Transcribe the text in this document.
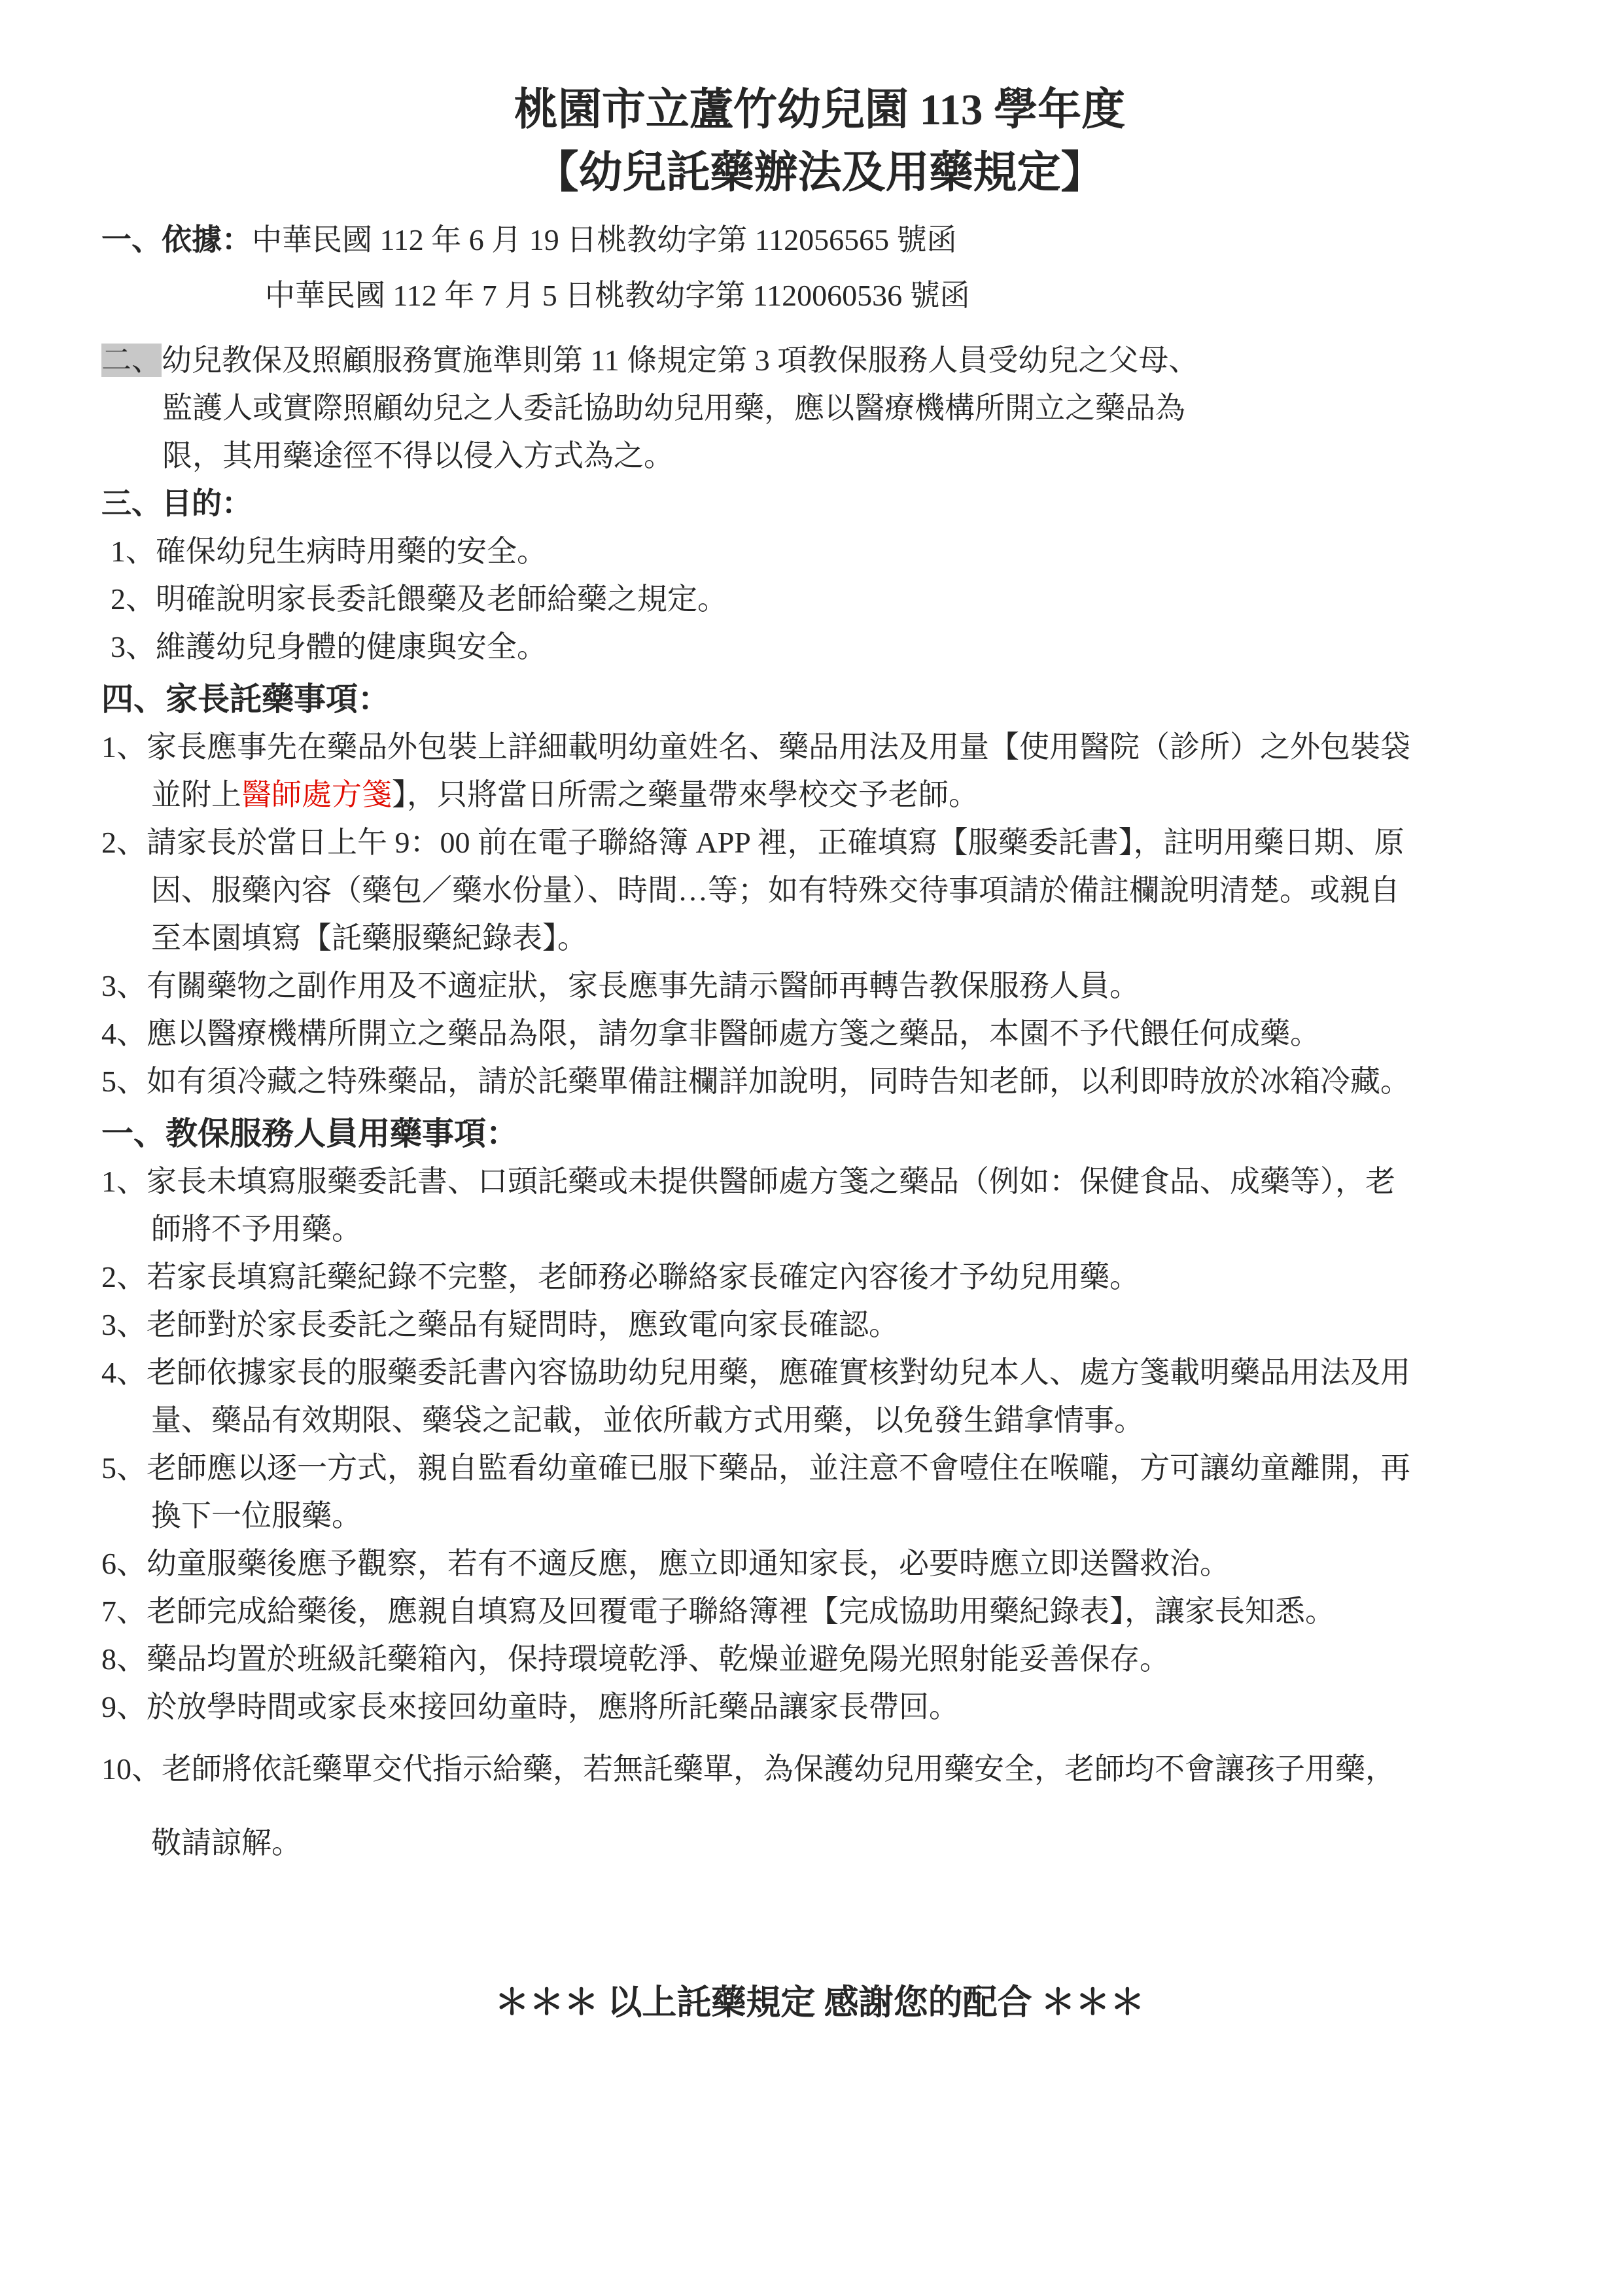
桃園市立蘆竹幼兒園 113 學年度
【幼兒託藥辦法及用藥規定】
一、依據：中華民國 112 年 6 月 19 日桃教幼字第 112056565 號函
中華民國 112 年 7 月 5 日桃教幼字第 1120060536 號函
二、幼兒教保及照顧服務實施準則第 11 條規定第 3 項教保服務人員受幼兒之父母、
監護人或實際照顧幼兒之人委託協助幼兒用藥，應以醫療機構所開立之藥品為
限，其用藥途徑不得以侵入方式為之。
三、目的：
1、確保幼兒生病時用藥的安全。
2、明確說明家長委託餵藥及老師給藥之規定。
3、維護幼兒身體的健康與安全。
四、家長託藥事項：
1、家長應事先在藥品外包裝上詳細載明幼童姓名、藥品用法及用量【使用醫院（診所）之外包裝袋
並附上醫師處方箋】，只將當日所需之藥量帶來學校交予老師。
2、請家長於當日上午 9：00 前在電子聯絡簿 APP 裡，正確填寫【服藥委託書】，註明用藥日期、原
因、服藥內容（藥包／藥水份量）、時間…等；如有特殊交待事項請於備註欄說明清楚。或親自
至本園填寫【託藥服藥紀錄表】。
3、有關藥物之副作用及不適症狀，家長應事先請示醫師再轉告教保服務人員。
4、應以醫療機構所開立之藥品為限，請勿拿非醫師處方箋之藥品，本園不予代餵任何成藥。
5、如有須冷藏之特殊藥品，請於託藥單備註欄詳加說明，同時告知老師，以利即時放於冰箱冷藏。
一、教保服務人員用藥事項：
1、家長未填寫服藥委託書、口頭託藥或未提供醫師處方箋之藥品（例如：保健食品、成藥等），老
師將不予用藥。
2、若家長填寫託藥紀錄不完整，老師務必聯絡家長確定內容後才予幼兒用藥。
3、老師對於家長委託之藥品有疑問時，應致電向家長確認。
4、老師依據家長的服藥委託書內容協助幼兒用藥，應確實核對幼兒本人、處方箋載明藥品用法及用
量、藥品有效期限、藥袋之記載，並依所載方式用藥，以免發生錯拿情事。
5、老師應以逐一方式，親自監看幼童確已服下藥品，並注意不會噎住在喉嚨，方可讓幼童離開，再
換下一位服藥。
6、幼童服藥後應予觀察，若有不適反應，應立即通知家長，必要時應立即送醫救治。
7、老師完成給藥後，應親自填寫及回覆電子聯絡簿裡【完成協助用藥紀錄表】，讓家長知悉。
8、藥品均置於班級託藥箱內，保持環境乾淨、乾燥並避免陽光照射能妥善保存。
9、於放學時間或家長來接回幼童時，應將所託藥品讓家長帶回。
10、老師將依託藥單交代指示給藥，若無託藥單，為保護幼兒用藥安全，老師均不會讓孩子用藥，
敬請諒解。
＊＊＊ 以上託藥規定 感謝您的配合 ＊＊＊
